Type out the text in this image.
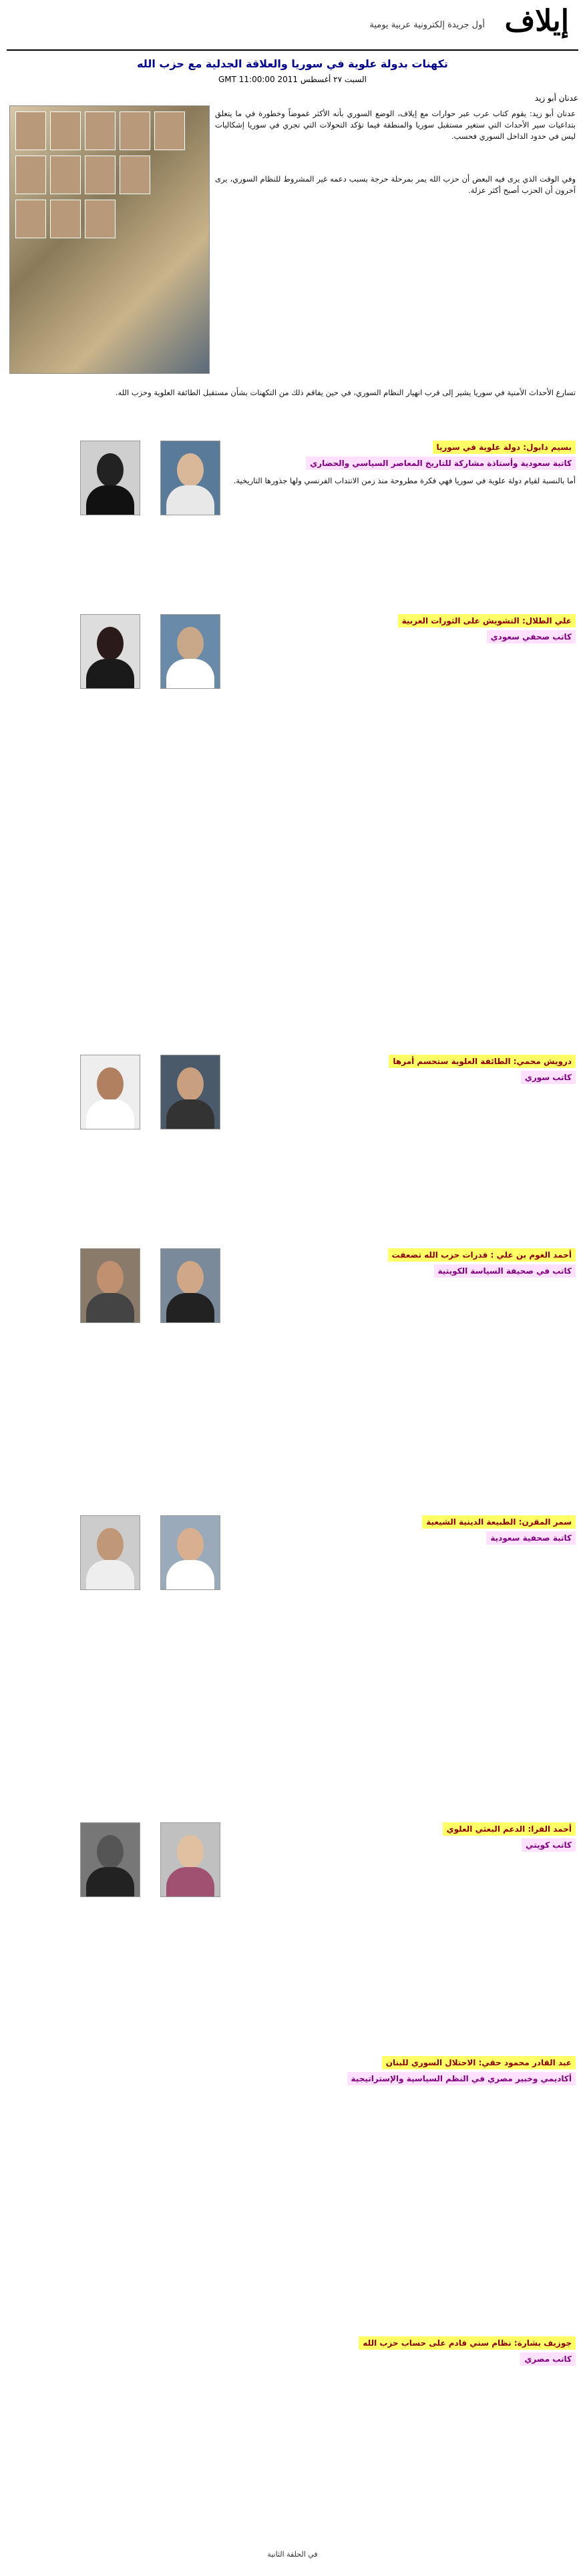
إيلاف
أول جريدة إلكترونية عربية يومية
تكهنات بدولة علوية في سوريا والعلاقة الجدلية مع حزب الله
السبت ٢٧ أغسطس 2011 GMT 11:00:00
عدنان أبو زيد
عدنان أبو زيد: يقوم كتاب عرب عبر حوارات مع إيلاف، الوضع السوري بأنه الأكثر غموضاً وخطورة في ما يتعلق بتداعيات سير الأحداث التي ستغير مستقبل سوريا والمنطقة فيما تؤكد التحولات التي تجري في سوريا إشكاليات ليس في حدود الداخل السوري فحسب.
وفي الوقت الذي يرى فيه البعض أن حزب الله يمر بمرحلة حرجة بسبب دعمه غير المشروط للنظام السوري، يرى آخرون أن الحزب أصبح أكثر عزلة.
تسارع الأحداث الأمنية في سوريا يشير إلى قرب انهيار النظام السوري، في حين يفاقم ذلك من التكهنات بشأن مستقبل الطائفة العلوية وحزب الله.
بسيم دابول: دولة علوية في سوريا
كاتبة سعودية وأستاذة مشاركة للتاريخ المعاصر السياسي والحضاري
أما بالنسبة لقيام دولة علوية في سوريا فهي فكرة مطروحة منذ زمن الانتداب الفرنسي ولها جذورها التاريخية.
علي الطلال: التشويش على الثورات العربية
كاتب صحفي سعودي
درويش محمي: الطائفة العلوية ستحسم أمرها
كاتب سوري
أحمد الغوم بن علي : قدرات حزب الله تضعفت
كاتب في صحيفة السياسة الكويتية
سمر المقرن: الطبيعة الدينية الشيعية
كاتبة صحفية سعودية
أحمد الفرا: الدعم البعثي العلوي
كاتب كويتي
عبد القادر محمود حقي: الاحتلال السوري للبنان
أكاديمي وخبير مصري في النظم السياسية والإستراتيجية
جوزيف بشارة: نظام سني قادم على حساب حزب الله
كاتب مصري
في الحلقة الثانية
